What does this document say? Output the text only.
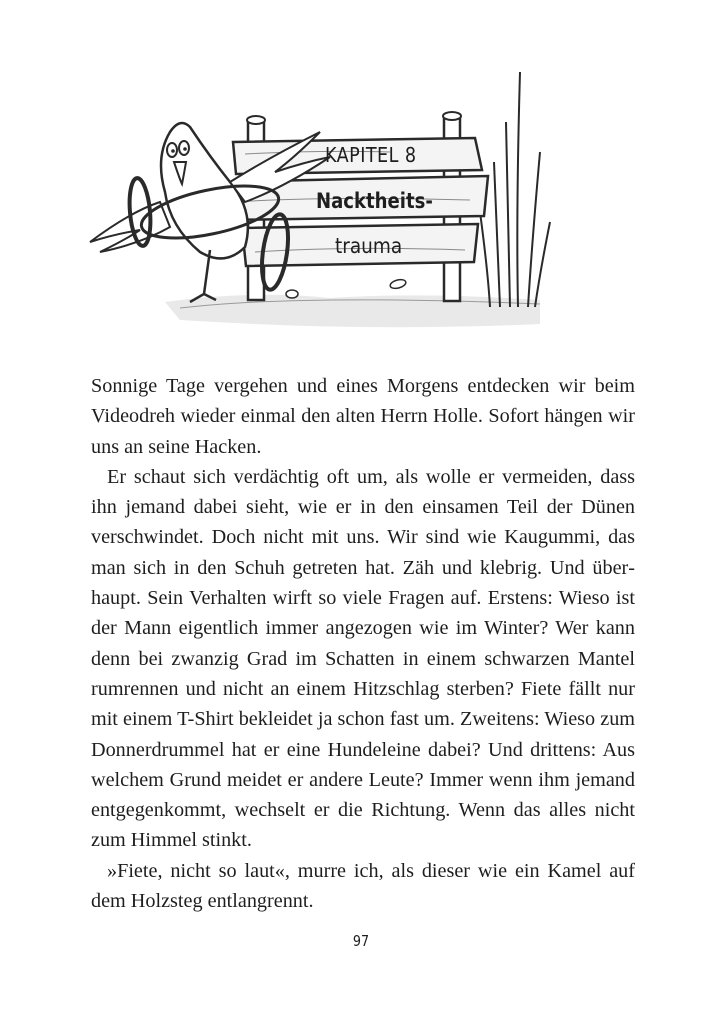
KAPITEL 8
Nacktheits-
trauma

Sonnige Tage vergehen und eines Morgens entdecken wir beim Videodreh wieder einmal den alten Herrn Holle. Sofort hängen wir uns an seine Hacken.

Er schaut sich verdächtig oft um, als wolle er vermeiden, dass ihn jemand dabei sieht, wie er in den einsamen Teil der Dünen verschwindet. Doch nicht mit uns. Wir sind wie Kaugummi, das man sich in den Schuh getreten hat. Zäh und klebrig. Und überhaupt. Sein Verhalten wirft so viele Fragen auf. Erstens: Wieso ist der Mann eigentlich immer angezogen wie im Winter? Wer kann denn bei zwanzig Grad im Schatten in einem schwarzen Mantel rumrennen und nicht an einem Hitzschlag sterben? Fiete fällt nur mit einem T-Shirt bekleidet ja schon fast um. Zweitens: Wieso zum Donnerdrummel hat er eine Hundeleine dabei? Und drittens: Aus welchem Grund meidet er andere Leute? Immer wenn ihm jemand entgegenkommt, wechselt er die Richtung. Wenn das alles nicht zum Himmel stinkt.

»Fiete, nicht so laut«, murre ich, als dieser wie ein Kamel auf dem Holzsteg entlangrennt.

97
